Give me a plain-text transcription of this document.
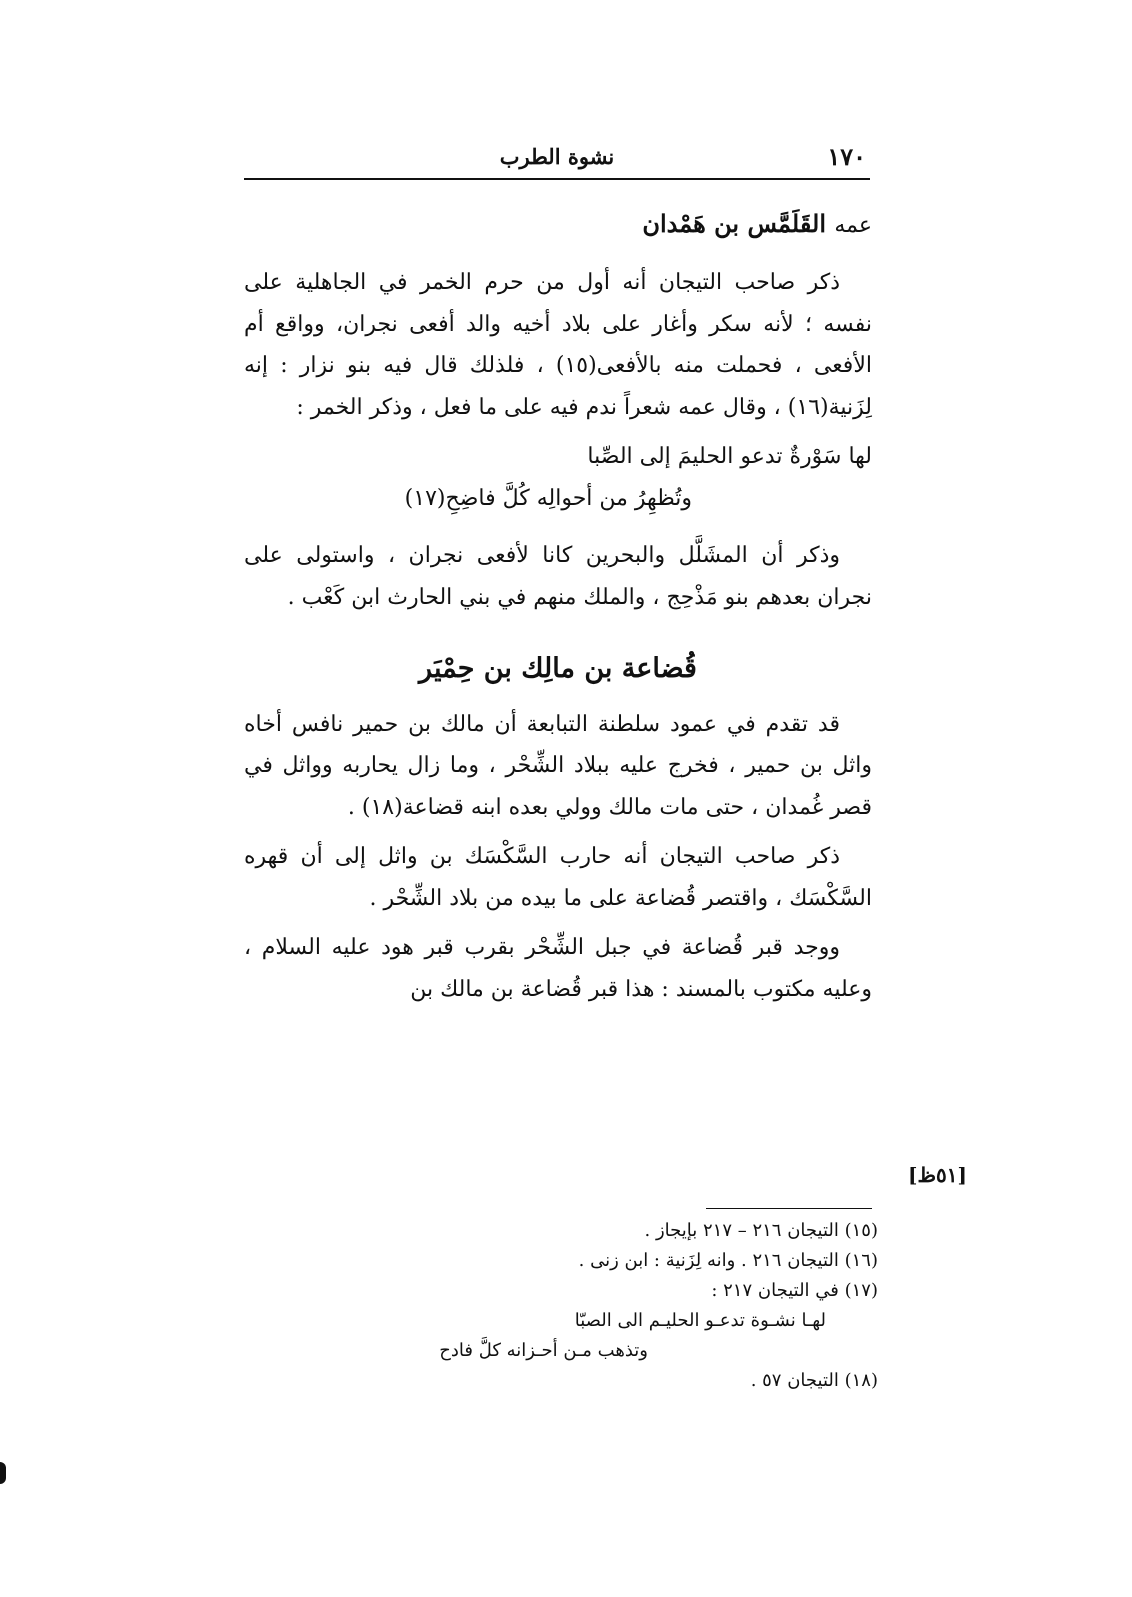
١٧٠
نشوة الطرب
عمه القَلَمَّس بن هَمْدان

ذكر صاحب التيجان أنه أول من حرم الخمر في الجاهلية على نفسه ؛ لأنه سكر وأغار على بلاد أخيه والد أفعى نجران، وواقع أم الأفعى ، فحملت منه بالأفعى(١٥) ، فلذلك قال فيه بنو نزار : إنه لِزَنية(١٦) ، وقال عمه شعراً ندم فيه على ما فعل ، وذكر الخمر :

لها سَوْرةٌ تدعو الحليمَ إلى الصِّبا
وتُظهِرُ من أحوالِه كُلَّ فاضِحِ(١٧)

وذكر أن المشَلَّل والبحرين كانا لأفعى نجران ، واستولى على نجران بعدهم بنو مَذْحِج ، والملك منهم في بني الحارث ابن كَعْب .

قُضاعة بن مالِك بن حِمْيَر

قد تقدم في عمود سلطنة التبابعة أن مالك بن حمير نافس أخاه واثل بن حمير ، فخرج عليه ببلاد الشِّحْر ، وما زال يحاربه وواثل في قصر غُمدان ، حتى مات مالك وولي بعده ابنه قضاعة(١٨) .

ذكر صاحب التيجان أنه حارب السَّكْسَك بن واثل إلى أن قهره السَّكْسَك ، واقتصر قُضاعة على ما بيده من بلاد الشِّحْر .

ووجد قبر قُضاعة في جبل الشِّحْر بقرب قبر هود عليه السلام ، وعليه مكتوب بالمسند : هذا قبر قُضاعة بن مالك بن

[٥١ظ]
(١٥) التيجان ٢١٦ – ٢١٧ بإيجاز .
(١٦) التيجان ٢١٦ . وانه لِزَنية : ابن زنى .
(١٧) في التيجان ٢١٧ :
لهـا نشـوة تدعـو الحليـم الى الصبّا
وتذهب مـن أحـزانه كلَّ فادح
(١٨) التيجان ٥٧ .
